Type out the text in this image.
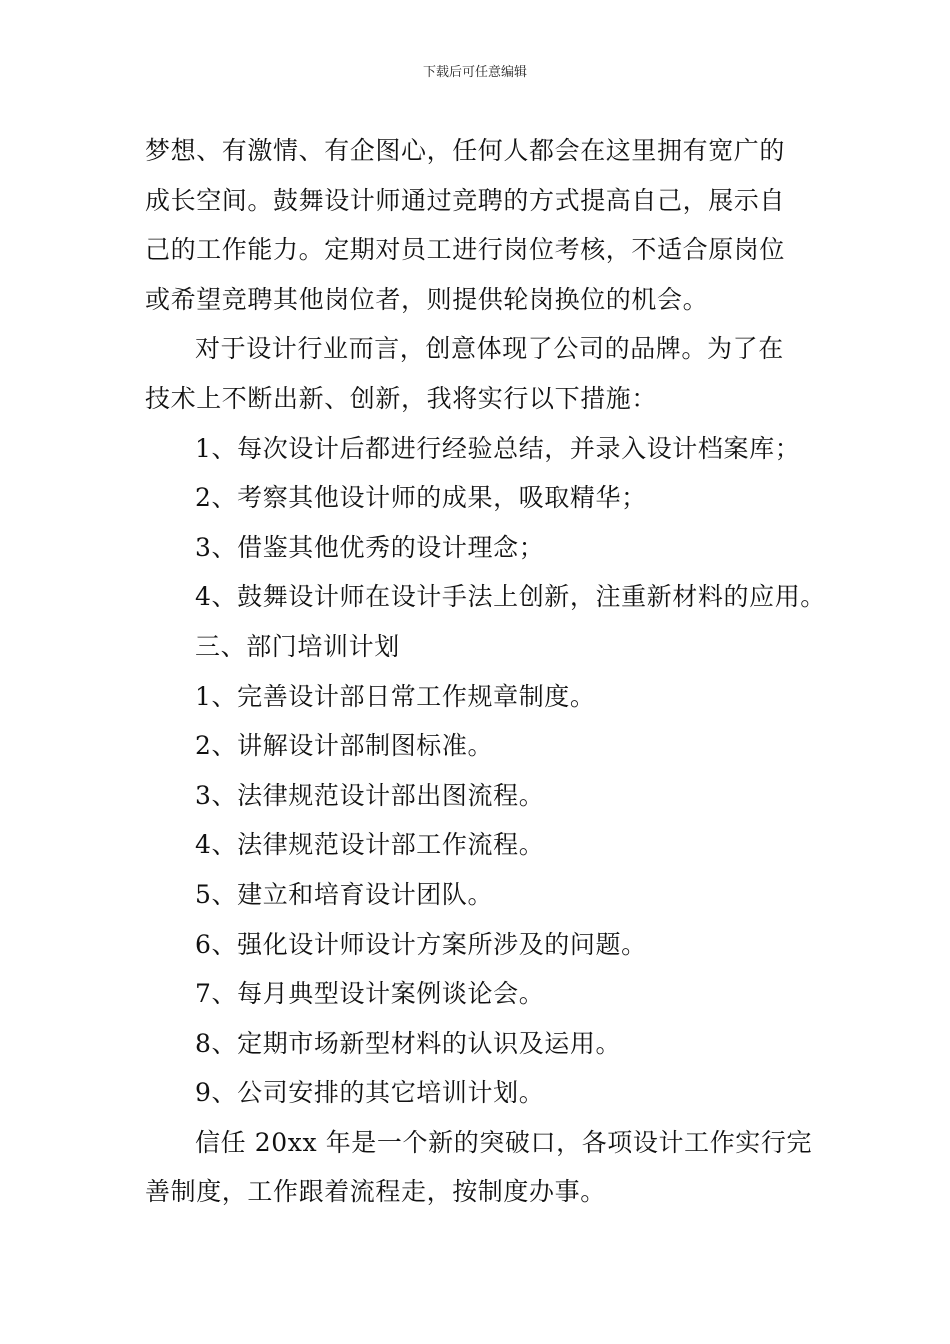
下载后可任意编辑
梦想、有激情、有企图心，任何人都会在这里拥有宽广的
成长空间。鼓舞设计师通过竞聘的方式提高自己，展示自
己的工作能力。定期对员工进行岗位考核，不适合原岗位
或希望竞聘其他岗位者，则提供轮岗换位的机会。
对于设计行业而言，创意体现了公司的品牌。为了在
技术上不断出新、创新，我将实行以下措施：
1、每次设计后都进行经验总结，并录入设计档案库；
2、考察其他设计师的成果，吸取精华；
3、借鉴其他优秀的设计理念；
4、鼓舞设计师在设计手法上创新，注重新材料的应用。
三、部门培训计划
1、完善设计部日常工作规章制度。
2、讲解设计部制图标准。
3、法律规范设计部出图流程。
4、法律规范设计部工作流程。
5、建立和培育设计团队。
6、强化设计师设计方案所涉及的问题。
7、每月典型设计案例谈论会。
8、定期市场新型材料的认识及运用。
9、公司安排的其它培训计划。
信任 20xx 年是一个新的突破口，各项设计工作实行完
善制度，工作跟着流程走，按制度办事。
